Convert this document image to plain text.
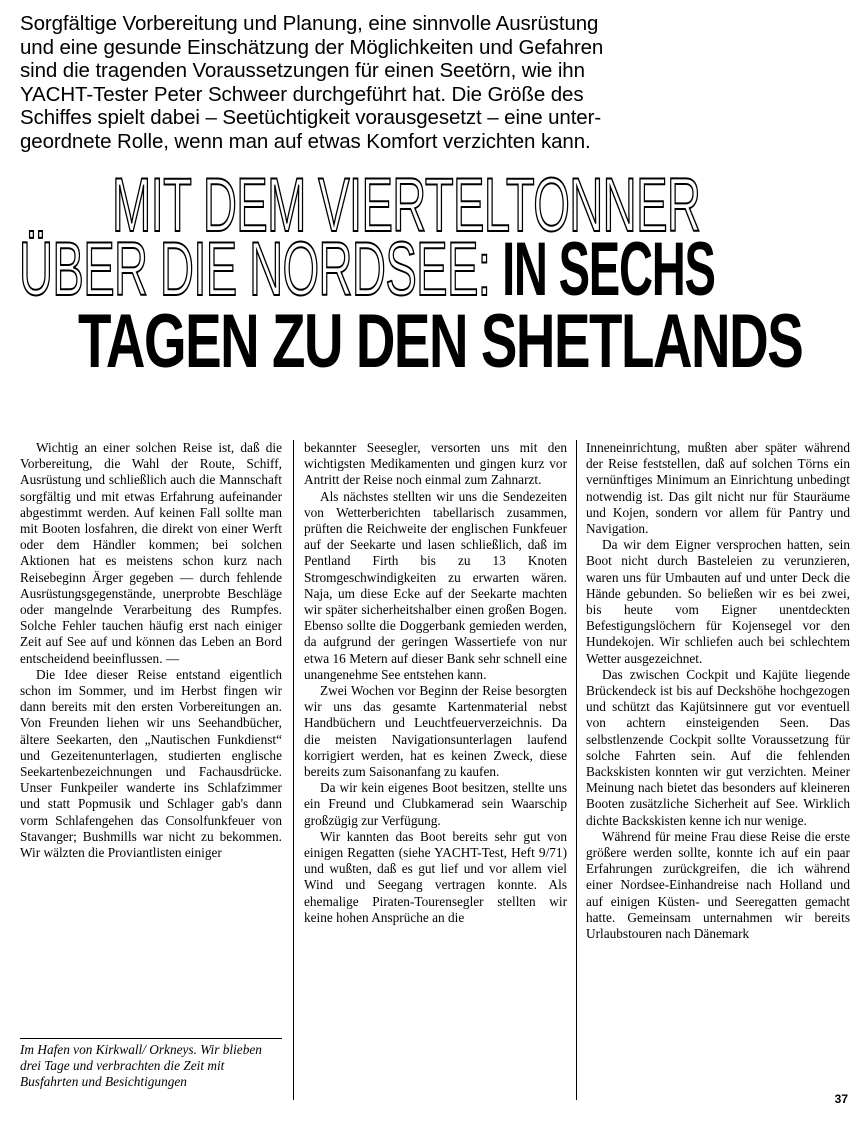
Sorgfältige Vorbereitung und Planung, eine sinnvolle Ausrüstung

und eine gesunde Einschätzung der Möglichkeiten und Gefahren

sind die tragenden Voraussetzungen für einen Seetörn, wie ihn

YACHT-Tester Peter Schweer durchgeführt hat. Die Größe des

Schiffes spielt dabei – Seetüchtigkeit vorausgesetzt – eine unter-

geordnete Rolle, wenn man auf etwas Komfort verzichten kann.

MIT DEM VIERTELTONNER
ÜBER DIE NORDSEE: IN SECHS
TAGEN ZU DEN SHETLANDS

Wichtig an einer solchen Reise ist, daß die Vorbereitung, die Wahl der Route, Schiff, Ausrüstung und schließlich auch die Mannschaft sorgfältig und mit etwas Erfahrung aufeinander abgestimmt werden. Auf keinen Fall sollte man mit Booten losfahren, die direkt von einer Werft oder dem Händler kommen; bei solchen Aktionen hat es meistens schon kurz nach Reisebeginn Ärger gegeben — durch fehlende Ausrüstungsgegenstände, unerprobte Beschläge oder mangelnde Verarbeitung des Rumpfes. Solche Fehler tauchen häufig erst nach einiger Zeit auf See auf und können das Leben an Bord entscheidend beeinflussen. —

Die Idee dieser Reise entstand eigentlich schon im Sommer, und im Herbst fingen wir dann bereits mit den ersten Vorbereitungen an. Von Freunden liehen wir uns Seehandbücher, ältere Seekarten, den „Nautischen Funkdienst“ und Gezeitenunterlagen, studierten englische Seekartenbezeichnungen und Fachausdrücke. Unser Funkpeiler wanderte ins Schlafzimmer und statt Popmusik und Schlager gab's dann vorm Schlafengehen das Consolfunkfeuer von Stavanger; Bushmills war nicht zu bekommen. Wir wälzten die Proviantlisten einiger

bekannter Seesegler, versorten uns mit den wichtigsten Medikamenten und gingen kurz vor Antritt der Reise noch einmal zum Zahnarzt.

Als nächstes stellten wir uns die Sendezeiten von Wetterberichten tabellarisch zusammen, prüften die Reichweite der englischen Funkfeuer auf der Seekarte und lasen schließlich, daß im Pentland Firth bis zu 13 Knoten Stromgeschwindigkeiten zu erwarten wären. Naja, um diese Ecke auf der Seekarte machten wir später sicherheitshalber einen großen Bogen. Ebenso sollte die Doggerbank gemieden werden, da aufgrund der geringen Wassertiefe von nur etwa 16 Metern auf dieser Bank sehr schnell eine unangenehme See entstehen kann.

Zwei Wochen vor Beginn der Reise besorgten wir uns das gesamte Kartenmaterial nebst Handbüchern und Leuchtfeuerverzeichnis. Da die meisten Navigationsunterlagen laufend korrigiert werden, hat es keinen Zweck, diese bereits zum Saisonanfang zu kaufen.

Da wir kein eigenes Boot besitzen, stellte uns ein Freund und Clubkamerad sein Waarschip großzügig zur Verfügung.

Wir kannten das Boot bereits sehr gut von einigen Regatten (siehe YACHT-Test, Heft 9/71) und wußten, daß es gut lief und vor allem viel Wind und Seegang vertragen konnte. Als ehemalige Piraten-Tourensegler stellten wir keine hohen Ansprüche an die

Inneneinrichtung, mußten aber später während der Reise feststellen, daß auf solchen Törns ein vernünftiges Minimum an Einrichtung unbedingt notwendig ist. Das gilt nicht nur für Stauräume und Kojen, sondern vor allem für Pantry und Navigation.

Da wir dem Eigner versprochen hatten, sein Boot nicht durch Basteleien zu verunzieren, waren uns für Umbauten auf und unter Deck die Hände gebunden. So beließen wir es bei zwei, bis heute vom Eigner unentdeckten Befestigungslöchern für Kojensegel vor den Hundekojen. Wir schliefen auch bei schlechtem Wetter ausgezeichnet.

Das zwischen Cockpit und Kajüte liegende Brückendeck ist bis auf Deckshöhe hochgezogen und schützt das Kajütsinnere gut vor eventuell von achtern einsteigenden Seen. Das selbstlenzende Cockpit sollte Voraussetzung für solche Fahrten sein. Auf die fehlenden Backskisten konnten wir gut verzichten. Meiner Meinung nach bietet das besonders auf kleineren Booten zusätzliche Sicherheit auf See. Wirklich dichte Backskisten kenne ich nur wenige.

Während für meine Frau diese Reise die erste größere werden sollte, konnte ich auf ein paar Erfahrungen zurückgreifen, die ich während einer Nordsee-Einhandreise nach Holland und auf einigen Küsten- und Seeregatten gemacht hatte. Gemeinsam unternahmen wir bereits Urlaubstouren nach Dänemark

Im Hafen von Kirkwall/ Orkneys. Wir blieben drei Tage und verbrachten die Zeit mit Busfahrten und Besichtigungen
37
